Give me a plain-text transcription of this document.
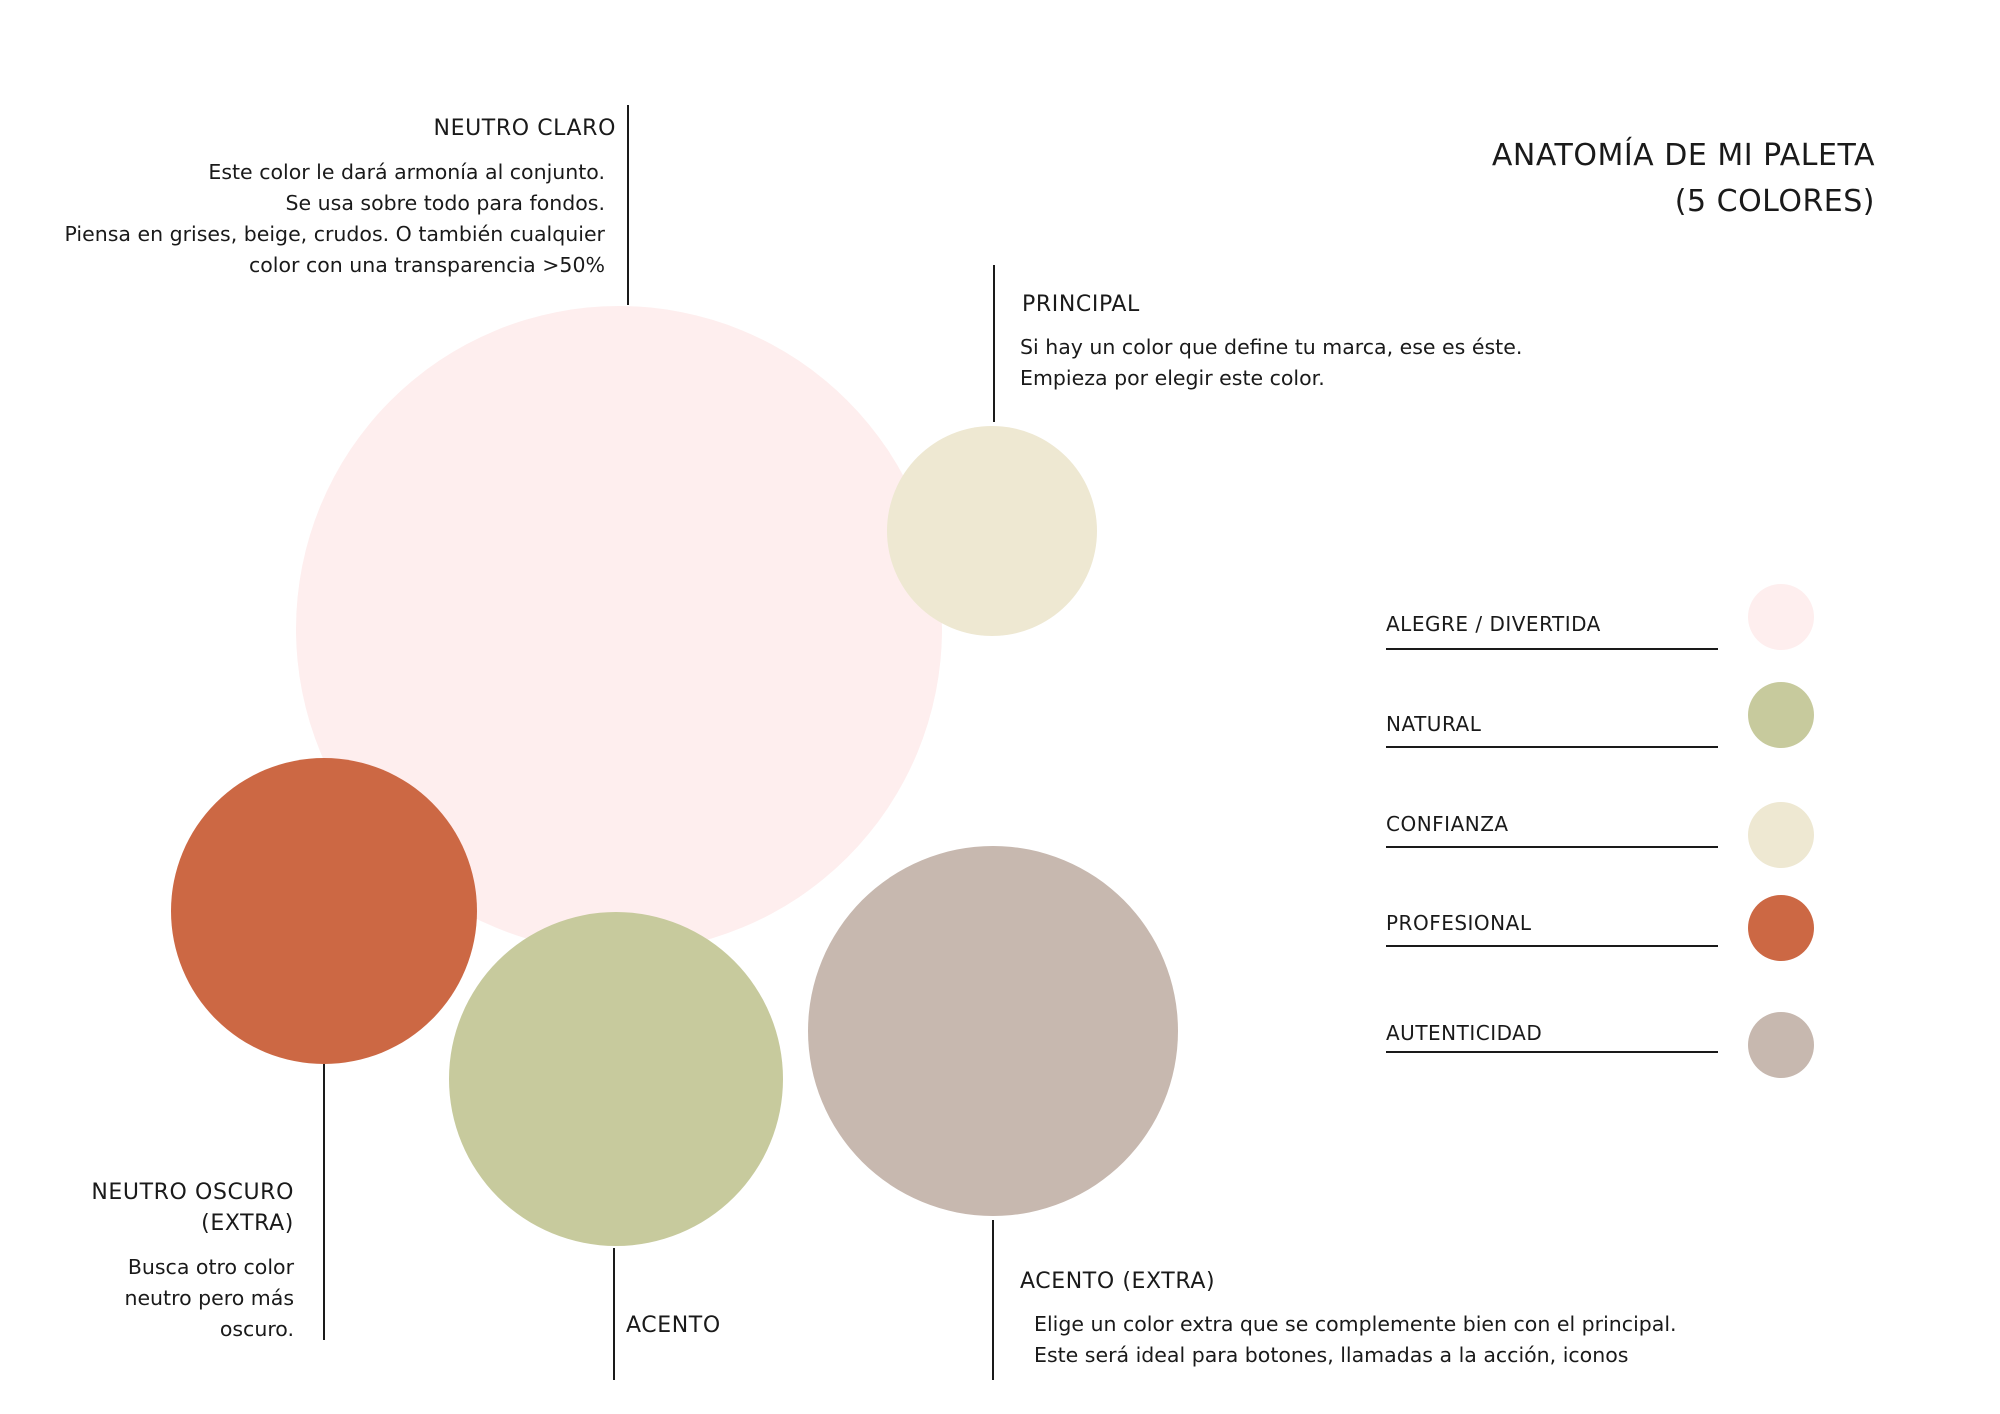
ANATOMÍA DE MI PALETA
(5 COLORES)
NEUTRO CLARO
Este color le dará armonía al conjunto.
Se usa sobre todo para fondos.
Piensa en grises, beige, crudos. O también cualquier
color con una transparencia >50%
PRINCIPAL
Si hay un color que define tu marca, ese es éste.
Empieza por elegir este color.
NEUTRO OSCURO
(EXTRA)
Busca otro color
neutro pero más
oscuro.	ACENTO
ACENTO (EXTRA)
Elige un color extra que se complemente bien con el principal.
Este será ideal para botones, llamadas a la acción, iconos
ALEGRE / DIVERTIDA
NATURAL
CONFIANZA
PROFESIONAL
AUTENTICIDAD
